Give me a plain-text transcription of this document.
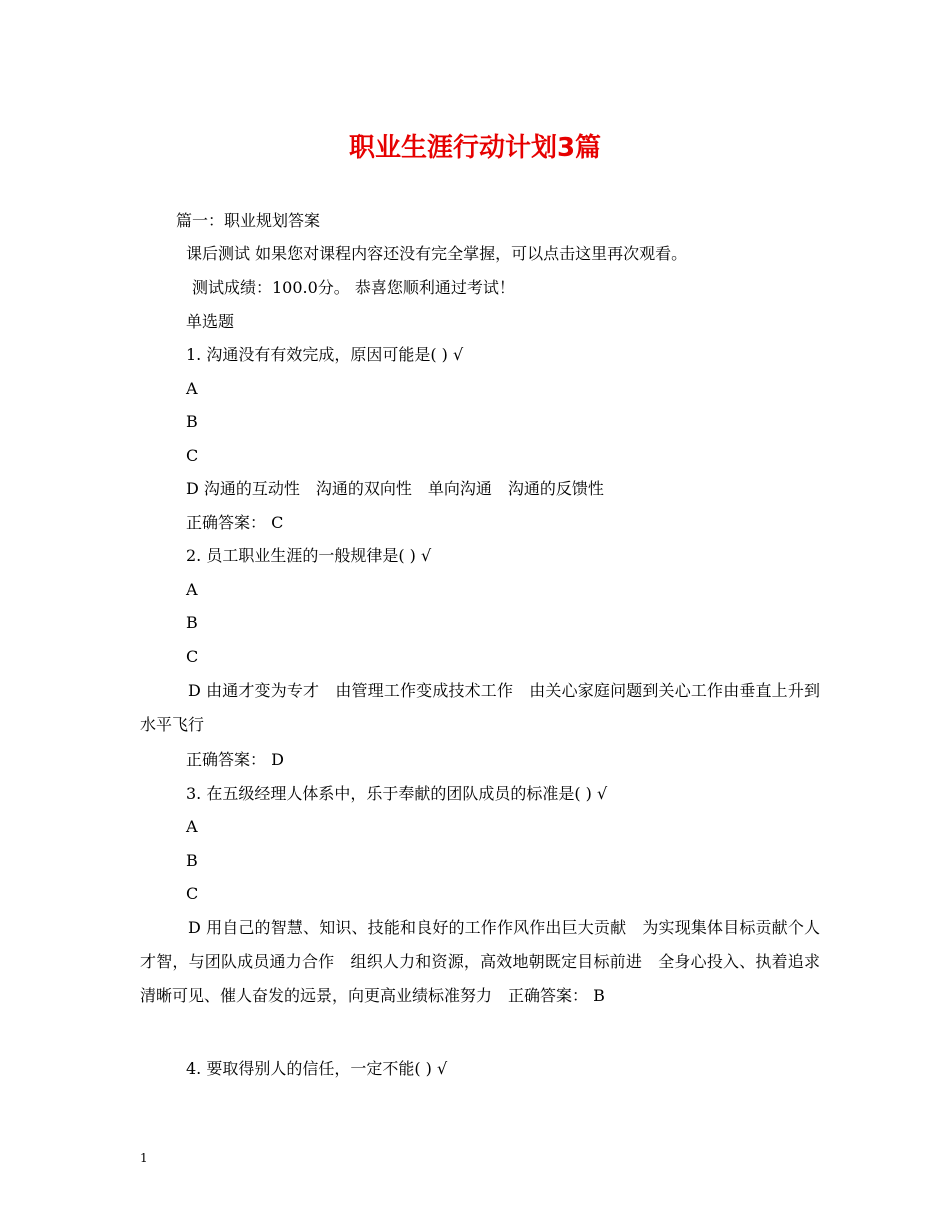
职业生涯行动计划3篇
篇一：职业规划答案
课后测试 如果您对课程内容还没有完全掌握，可以点击这里再次观看。
测试成绩：100.0分。 恭喜您顺利通过考试！
单选题
1. 沟通没有有效完成，原因可能是( ) √
A
B
C
D 沟通的互动性　沟通的双向性　单向沟通　沟通的反馈性
正确答案： C
2. 员工职业生涯的一般规律是( ) √
A
B
C
D 由通才变为专才　由管理工作变成技术工作　由关心家庭问题到关心工作由垂直上升到水平飞行
正确答案： D
3. 在五级经理人体系中，乐于奉献的团队成员的标准是( ) √
A
B
C
D 用自己的智慧、知识、技能和良好的工作作风作出巨大贡献　为实现集体目标贡献个人才智，与团队成员通力合作　组织人力和资源，高效地朝既定目标前进　全身心投入、执着追求清晰可见、催人奋发的远景，向更高业绩标准努力　正确答案： B
4. 要取得别人的信任，一定不能( ) √
1
